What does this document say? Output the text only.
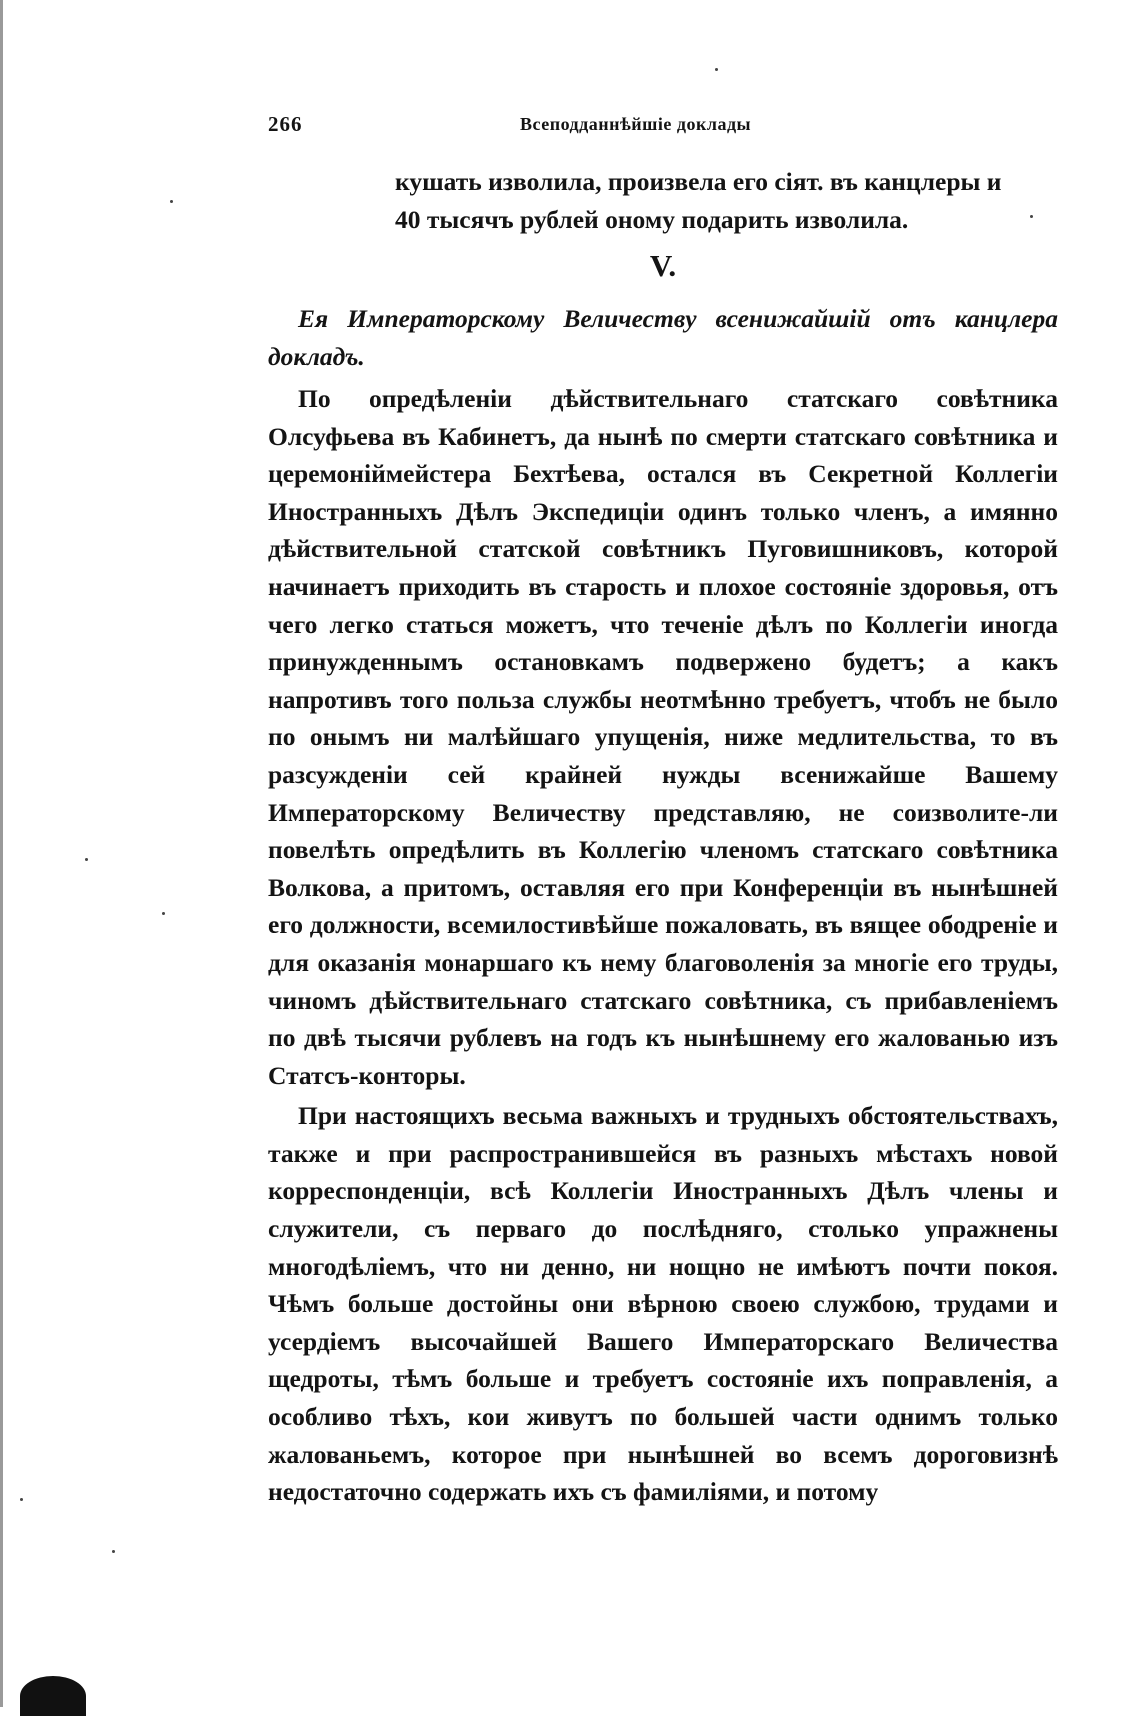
266	Всеподданнѣйшіе доклады
кушать изволила, произвела его сiят. въ канцлеры и
40 тысячъ рублей оному подарить изволила.
V.
Ея Императорскому Величеству всенижайшій отъ канцлера докладъ.

По опредѣленіи дѣйствительнаго статскаго совѣтника Олсуфьева въ Кабинетъ, да нынѣ по смерти статскаго совѣтника и церемоніймейстера Бехтѣева, остался въ Секретной Коллегіи Иностранныхъ Дѣлъ Экспедиціи одинъ только членъ, а имянно дѣйствительной статской совѣтникъ Пуговишниковъ, которой начинаетъ приходить въ старость и плохое состояніе здоровья, отъ чего легко статься можетъ, что теченіе дѣлъ по Коллегіи иногда принужденнымъ остановкамъ подвержено будетъ; а какъ напротивъ того польза службы неотмѣнно требуетъ, чтобъ не было по онымъ ни малѣйшаго упущенія, ниже медлительства, то въ разсужденіи сей крайней нужды всенижайше Вашему Императорскому Величеству представляю, не соизволите-ли повелѣть опредѣлить въ Коллегію членомъ статскаго совѣтника Волкова, а притомъ, оставляя его при Конференціи въ нынѣшней его должности, всемилостивѣйше пожаловать, въ вящее ободреніе и для оказанія монаршаго къ нему благоволенія за многіе его труды, чиномъ дѣйствительнаго статскаго совѣтника, съ прибавленіемъ по двѣ тысячи рублевъ на годъ къ нынѣшнему его жалованью изъ Статсъ-конторы.

При настоящихъ весьма важныхъ и трудныхъ обстоятельствахъ, также и при распространившейся въ разныхъ мѣстахъ новой корреспонденціи, всѣ Коллегіи Иностранныхъ Дѣлъ члены и служители, съ перваго до послѣдняго, столько упражнены многодѣліемъ, что ни денно, ни нощно не имѣютъ почти покоя. Чѣмъ больше достойны они вѣрною своею службою, трудами и усердіемъ высочайшей Вашего Императорскаго Величества щедроты, тѣмъ больше и требуетъ состояніе ихъ поправленія, а особливо тѣхъ, кои живутъ по большей части однимъ только жалованьемъ, которое при нынѣшней во всемъ дороговизнѣ недостаточно содержать ихъ съ фамиліями, и потому
